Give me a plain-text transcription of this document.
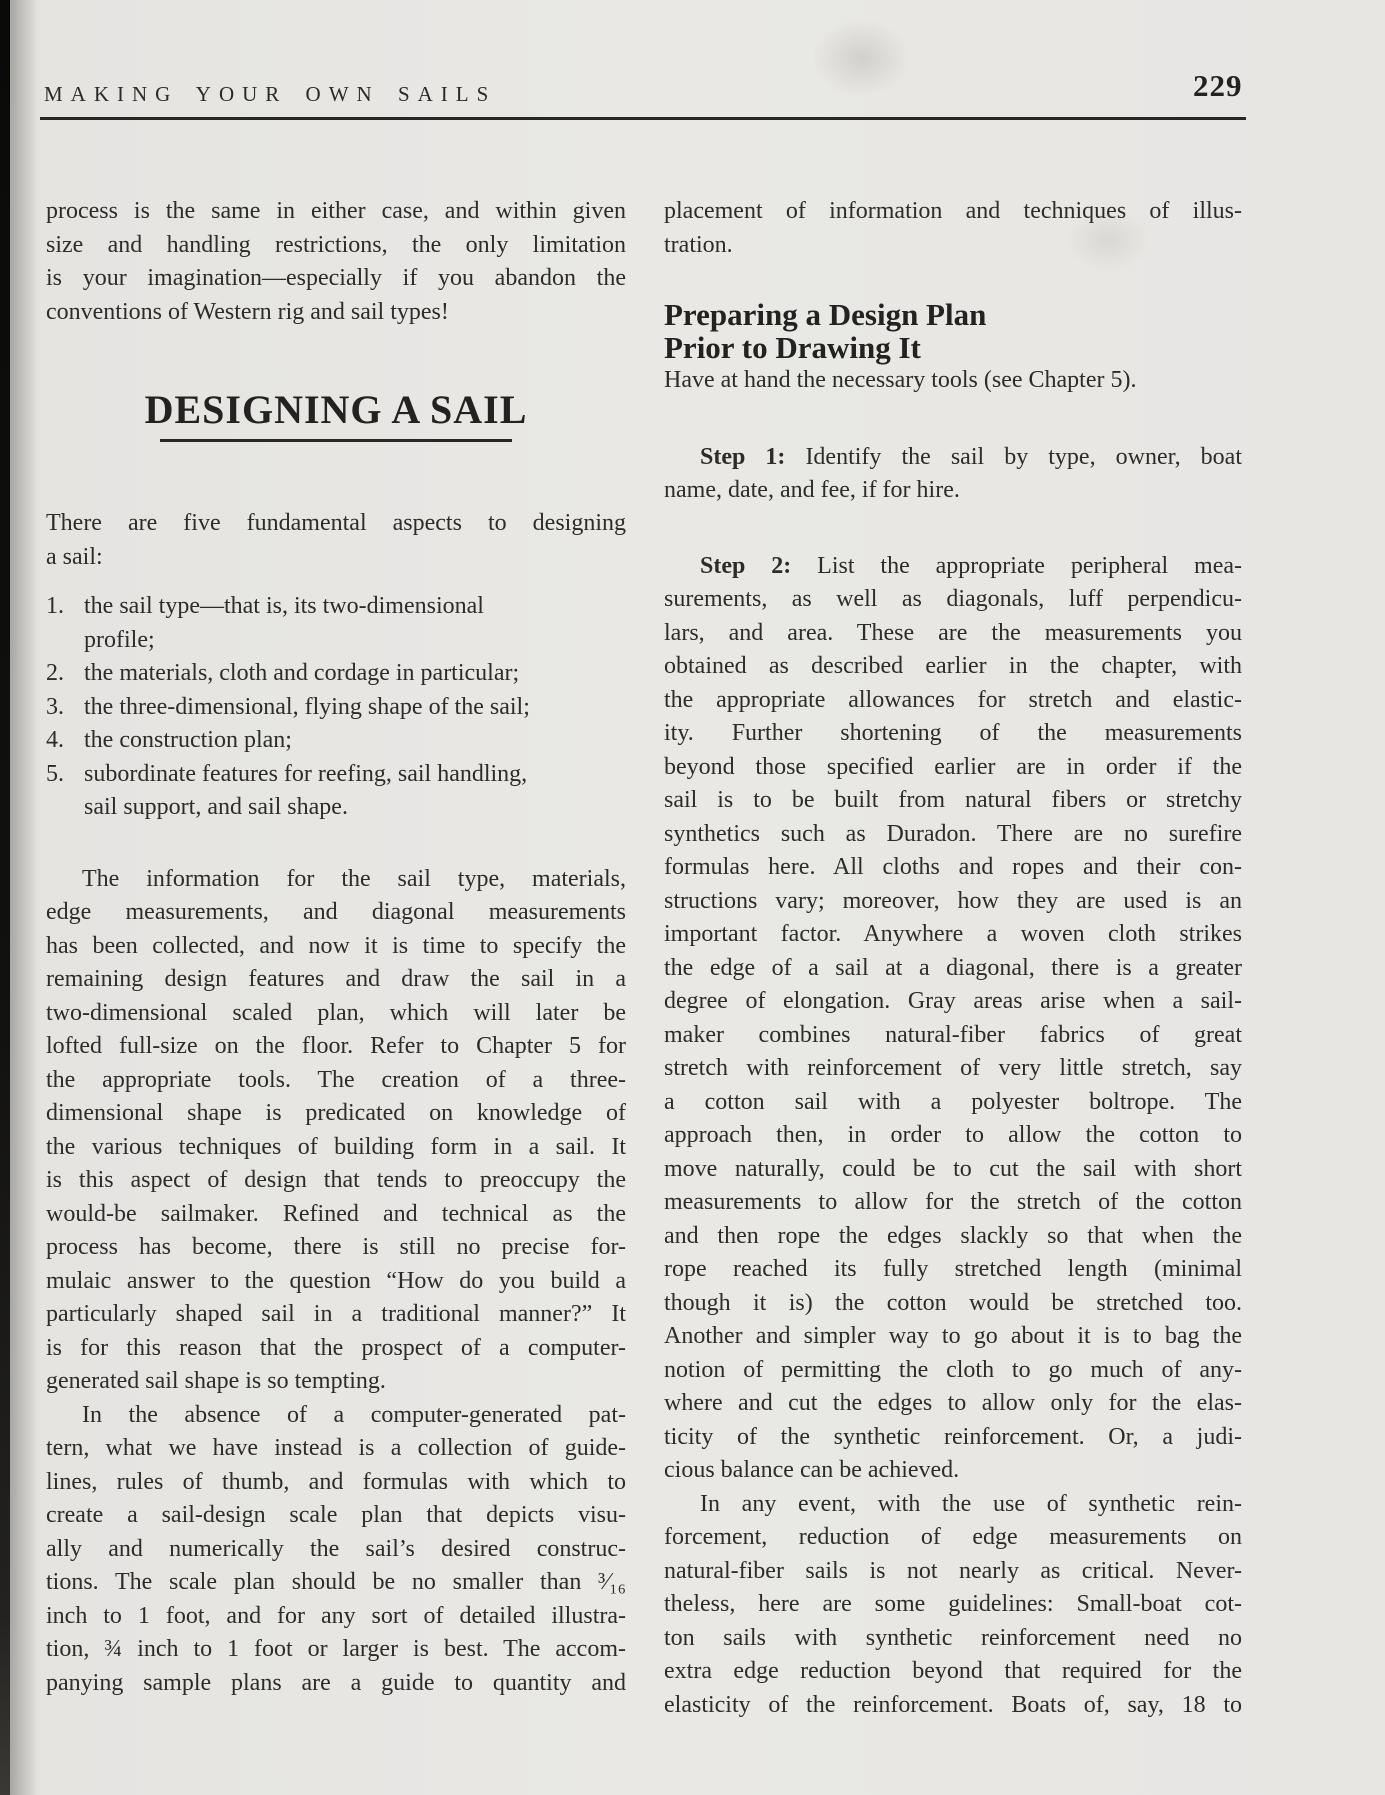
MAKING YOUR OWN SAILS	229
process is the same in either case, and within given
size and handling restrictions, the only limitation
is your imagination—especially if you abandon the
conventions of Western rig and sail types!
DESIGNING A SAIL
There are five fundamental aspects to designing
a sail:
1. the sail type—that is, its two-dimensional
profile;
2. the materials, cloth and cordage in particular;
3. the three-dimensional, flying shape of the sail;
4. the construction plan;
5. subordinate features for reefing, sail handling,
sail support, and sail shape.
The information for the sail type, materials,
edge measurements, and diagonal measurements
has been collected, and now it is time to specify the
remaining design features and draw the sail in a
two-dimensional scaled plan, which will later be
lofted full-size on the floor. Refer to Chapter 5 for
the appropriate tools. The creation of a three-
dimensional shape is predicated on knowledge of
the various techniques of building form in a sail. It
is this aspect of design that tends to preoccupy the
would-be sailmaker. Refined and technical as the
process has become, there is still no precise for-
mulaic answer to the question “How do you build a
particularly shaped sail in a traditional manner?” It
is for this reason that the prospect of a computer-
generated sail shape is so tempting.
In the absence of a computer-generated pat-
tern, what we have instead is a collection of guide-
lines, rules of thumb, and formulas with which to
create a sail-design scale plan that depicts visu-
ally and numerically the sail’s desired construc-
tions. The scale plan should be no smaller than ³⁄₁₆
inch to 1 foot, and for any sort of detailed illustra-
tion, ¾ inch to 1 foot or larger is best. The accom-
panying sample plans are a guide to quantity and
placement of information and techniques of illus-
tration.
Preparing a Design Plan
Prior to Drawing It
Have at hand the necessary tools (see Chapter 5).
Step 1: Identify the sail by type, owner, boat
name, date, and fee, if for hire.
Step 2: List the appropriate peripheral mea-
surements, as well as diagonals, luff perpendicu-
lars, and area. These are the measurements you
obtained as described earlier in the chapter, with
the appropriate allowances for stretch and elastic-
ity. Further shortening of the measurements
beyond those specified earlier are in order if the
sail is to be built from natural fibers or stretchy
synthetics such as Duradon. There are no surefire
formulas here. All cloths and ropes and their con-
structions vary; moreover, how they are used is an
important factor. Anywhere a woven cloth strikes
the edge of a sail at a diagonal, there is a greater
degree of elongation. Gray areas arise when a sail-
maker combines natural-fiber fabrics of great
stretch with reinforcement of very little stretch, say
a cotton sail with a polyester boltrope. The
approach then, in order to allow the cotton to
move naturally, could be to cut the sail with short
measurements to allow for the stretch of the cotton
and then rope the edges slackly so that when the
rope reached its fully stretched length (minimal
though it is) the cotton would be stretched too.
Another and simpler way to go about it is to bag the
notion of permitting the cloth to go much of any-
where and cut the edges to allow only for the elas-
ticity of the synthetic reinforcement. Or, a judi-
cious balance can be achieved.
In any event, with the use of synthetic rein-
forcement, reduction of edge measurements on
natural-fiber sails is not nearly as critical. Never-
theless, here are some guidelines: Small-boat cot-
ton sails with synthetic reinforcement need no
extra edge reduction beyond that required for the
elasticity of the reinforcement. Boats of, say, 18 to
